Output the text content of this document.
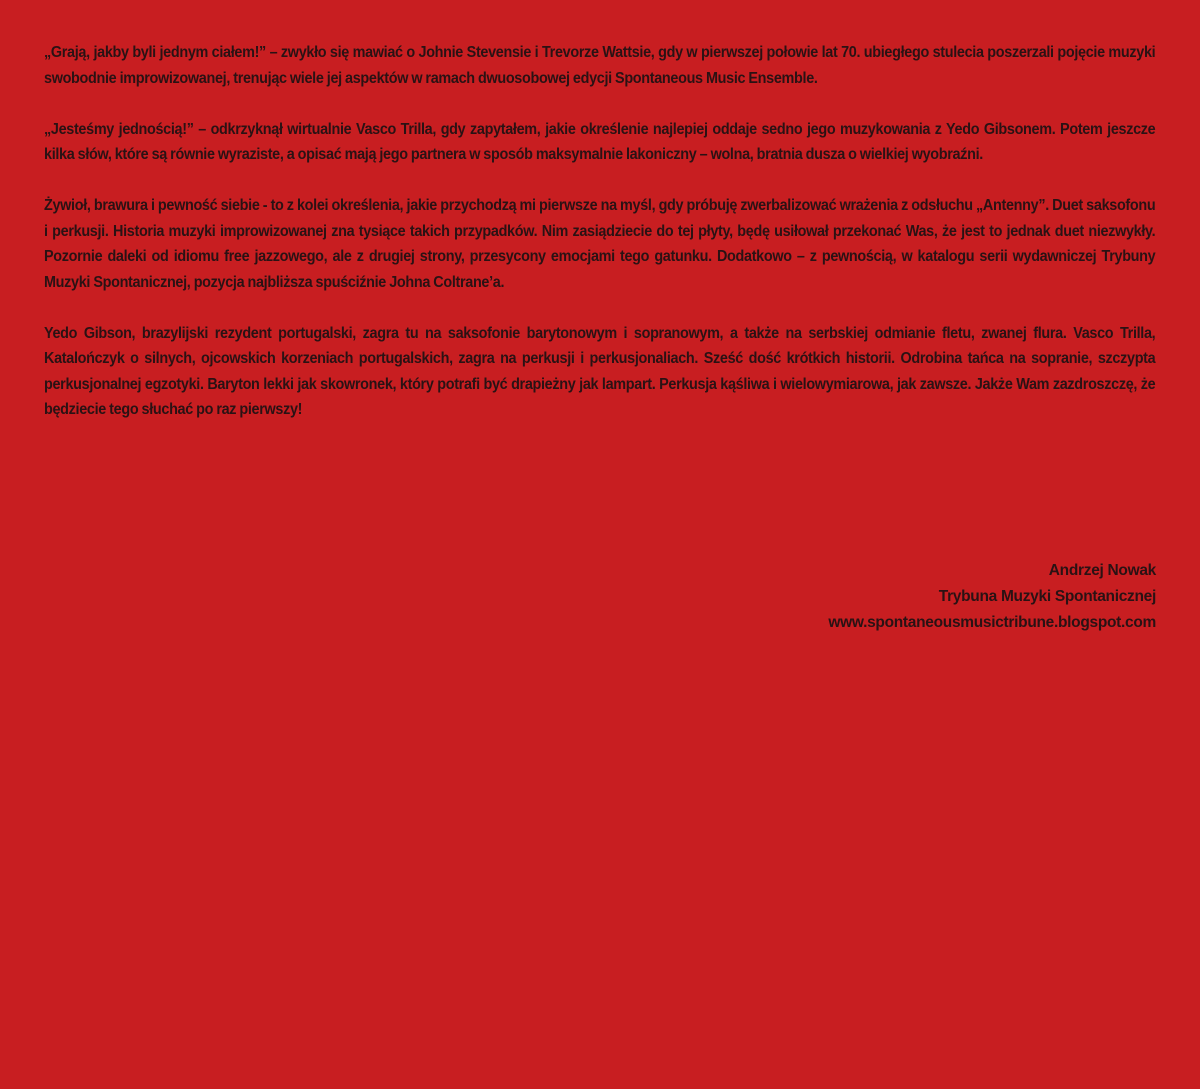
„Grają, jakby byli jednym ciałem!” – zwykło się mawiać o Johnie Stevensie i Trevorze Wattsie, gdy w pierwszej połowie lat 70. ubiegłego stulecia poszerzali pojęcie muzyki swobodnie improwizowanej, trenując wiele jej aspektów w ramach dwuosobowej edycji Spontaneous Music Ensemble.

„Jesteśmy jednością!” – odkrzyknął wirtualnie Vasco Trilla, gdy zapytałem, jakie określenie najlepiej oddaje sedno jego muzykowania z Yedo Gibsonem. Potem jeszcze kilka słów, które są równie wyraziste, a opisać mają jego partnera w sposób maksymalnie lakoniczny – wolna, bratnia dusza o wielkiej wyobraźni.

Żywioł, brawura i pewność siebie - to z kolei określenia, jakie przychodzą mi pierwsze na myśl, gdy próbuję zwerbalizować wrażenia z odsłuchu „Antenny”. Duet saksofonu i perkusji. Historia muzyki improwizowanej zna tysiące takich przypadków. Nim zasiądziecie do tej płyty, będę usiłował przekonać Was, że jest to jednak duet niezwykły. Pozornie daleki od idiomu free jazzowego, ale z drugiej strony, przesycony emocjami tego gatunku. Dodatkowo – z pewnością, w katalogu serii wydawniczej Trybuny Muzyki Spontanicznej, pozycja najbliższa spuściźnie Johna Coltrane’a.

Yedo Gibson, brazylijski rezydent portugalski, zagra tu na saksofonie barytonowym i sopranowym, a także na serbskiej odmianie fletu, zwanej flura. Vasco Trilla, Katalończyk o silnych, ojcowskich korzeniach portugalskich, zagra na perkusji i perkusjonaliach. Sześć dość krótkich historii. Odrobina tańca na sopranie, szczypta perkusjonalnej egzotyki. Baryton lekki jak skowronek, który potrafi być drapieżny jak lampart. Perkusja kąśliwa i wielowymiarowa, jak zawsze. Jakże Wam zazdroszczę, że będziecie tego słuchać po raz pierwszy!

Andrzej Nowak
Trybuna Muzyki Spontanicznej
www.spontaneousmusictribune.blogspot.com
